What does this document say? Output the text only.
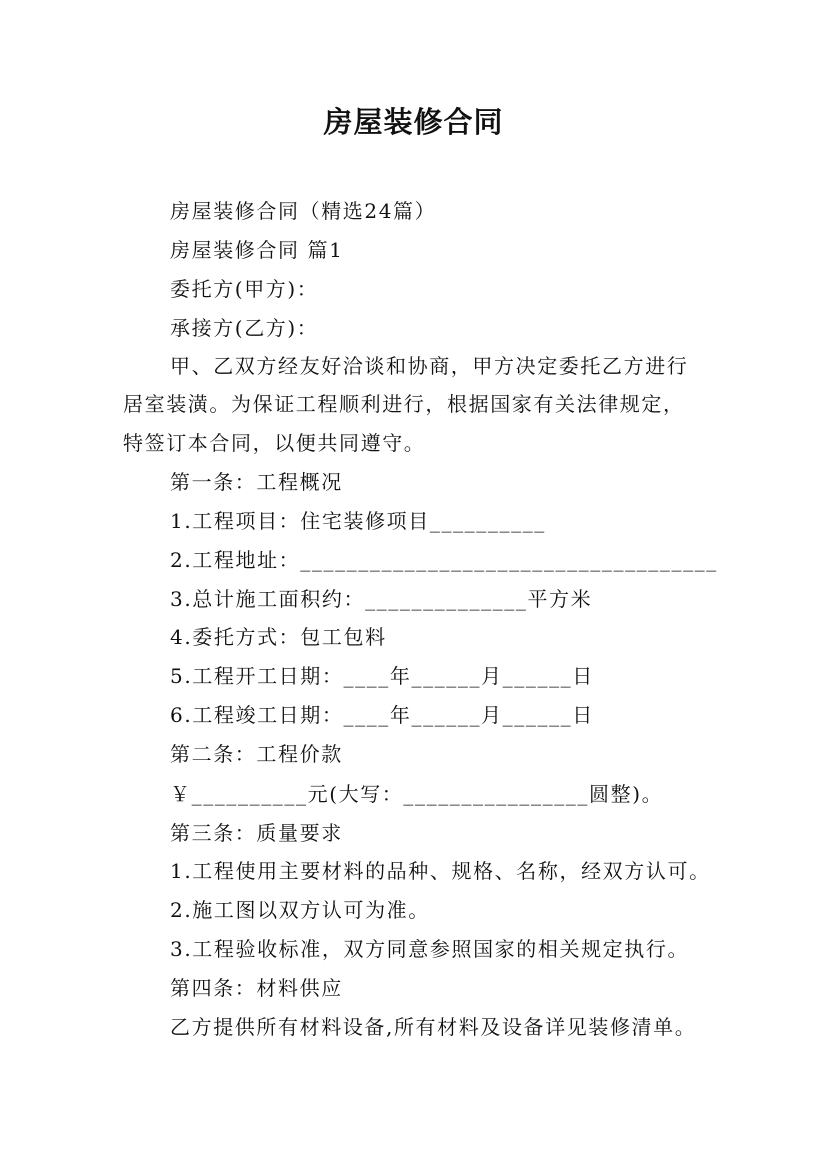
房屋装修合同
房屋装修合同（精选24篇）
房屋装修合同 篇1
委托方(甲方)：
承接方(乙方)：
甲、乙双方经友好洽谈和协商，甲方决定委托乙方进行
居室装潢。为保证工程顺利进行，根据国家有关法律规定，
特签订本合同，以便共同遵守。
第一条：工程概况
1.工程项目：住宅装修项目__________
2.工程地址：____________________________________
3.总计施工面积约：______________平方米
4.委托方式：包工包料
5.工程开工日期：____年______月______日
6.工程竣工日期：____年______月______日
第二条：工程价款
￥__________元(大写：________________圆整)。
第三条：质量要求
1.工程使用主要材料的品种、规格、名称，经双方认可。
2.施工图以双方认可为准。
3.工程验收标准，双方同意参照国家的相关规定执行。
第四条：材料供应
乙方提供所有材料设备,所有材料及设备详见装修清单。
